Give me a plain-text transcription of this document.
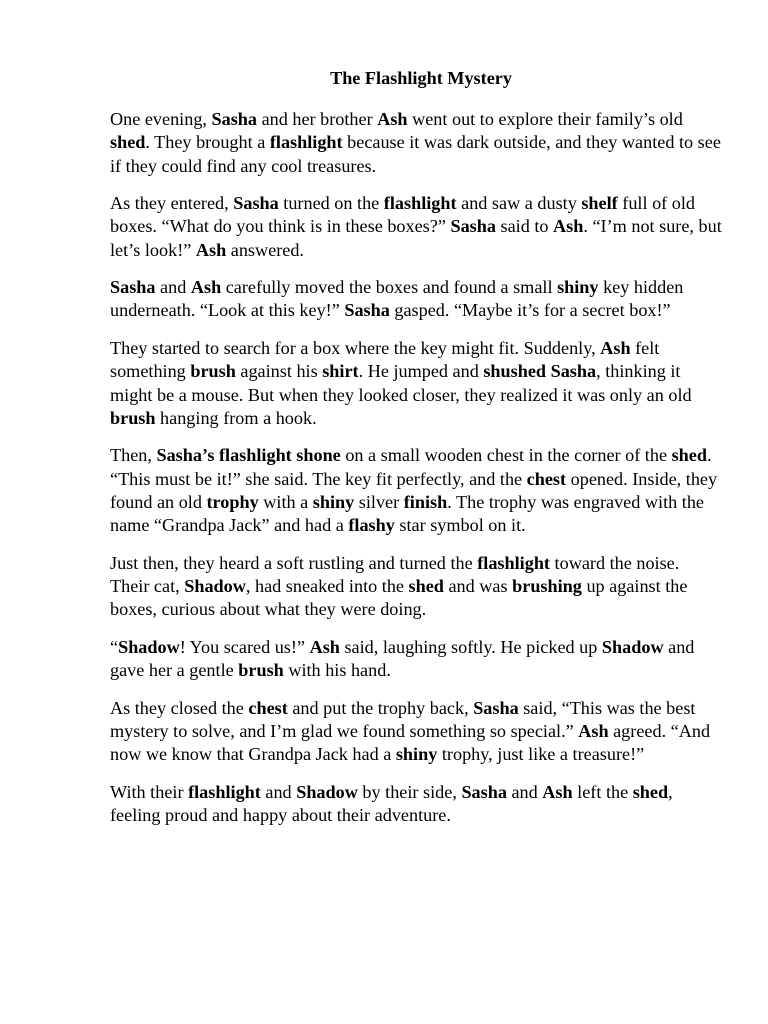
The Flashlight Mystery

One evening, Sasha and her brother Ash went out to explore their family’s old shed. They brought a flashlight because it was dark outside, and they wanted to see if they could find any cool treasures.

As they entered, Sasha turned on the flashlight and saw a dusty shelf full of old boxes. “What do you think is in these boxes?” Sasha said to Ash. “I’m not sure, but let’s look!” Ash answered.

Sasha and Ash carefully moved the boxes and found a small shiny key hidden underneath. “Look at this key!” Sasha gasped. “Maybe it’s for a secret box!”

They started to search for a box where the key might fit. Suddenly, Ash felt something brush against his shirt. He jumped and shushed Sasha, thinking it might be a mouse. But when they looked closer, they realized it was only an old brush hanging from a hook.

Then, Sasha’s flashlight shone on a small wooden chest in the corner of the shed. “This must be it!” she said. The key fit perfectly, and the chest opened. Inside, they found an old trophy with a shiny silver finish. The trophy was engraved with the name “Grandpa Jack” and had a flashy star symbol on it.

Just then, they heard a soft rustling and turned the flashlight toward the noise. Their cat, Shadow, had sneaked into the shed and was brushing up against the boxes, curious about what they were doing.

“Shadow! You scared us!” Ash said, laughing softly. He picked up Shadow and gave her a gentle brush with his hand.

As they closed the chest and put the trophy back, Sasha said, “This was the best mystery to solve, and I’m glad we found something so special.” Ash agreed. “And now we know that Grandpa Jack had a shiny trophy, just like a treasure!”

With their flashlight and Shadow by their side, Sasha and Ash left the shed, feeling proud and happy about their adventure.
